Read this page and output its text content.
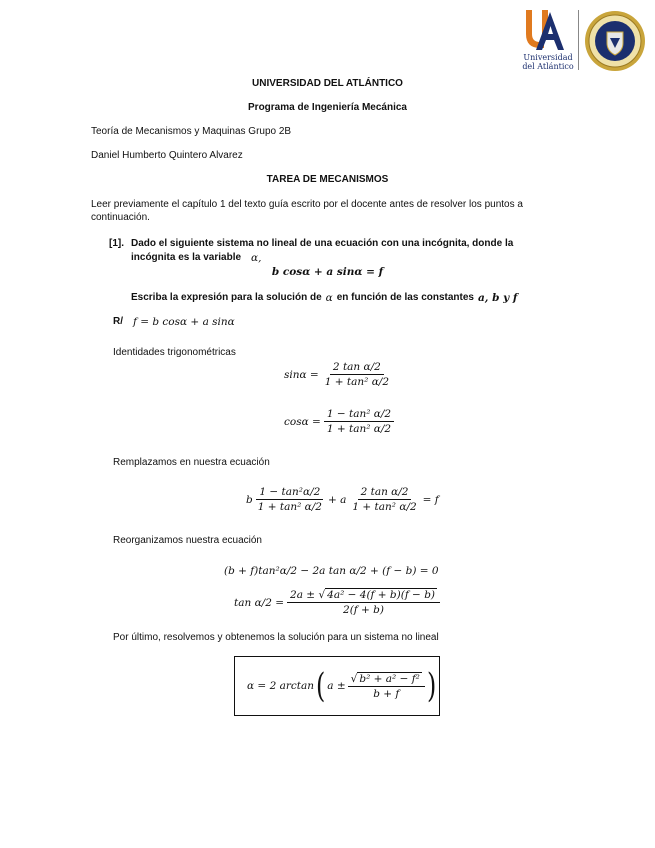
Universidad
del Atlántico
UNIVERSIDAD DEL ATLÁNTICO
Programa de Ingeniería Mecánica
Teoría de Mecanismos y Maquinas Grupo 2B
Daniel Humberto Quintero Alvarez
TAREA DE MECANISMOS
Leer previamente el capítulo 1 del texto guía escrito por el docente antes de resolver los puntos a
continuación.
[1]. Dado el siguiente sistema no lineal de una ecuación con una incógnita, donde la
incógnita es la variable α,
b cosα + a sinα = f
Escriba la expresión para la solución de α en función de las constantes a, b y f
R/ f = b cosα + a sinα
Identidades trigonométricas
$\sin\alpha = \frac{\text{2 tan α/2}}{\text{1 + tan² α/2}}$
$\cos\alpha = \frac{\text{1 − tan² α/2}}{\text{1 + tan² α/2}}$
Remplazamos en nuestra ecuación
b $\frac{\text{1 − tan²α/2}}{\text{1 + tan² α/2}} + a \frac{\text{2 tan α/2}}{\text{1 + tan² α/2}} = f$
Reorganizamos nuestra ecuación
(b + f)tan²α/2 − 2a tan α/2 + (f − b) = 0
$\tan \alpha/2 = \frac{\text{2a ± √ 4a² − 4(f + b)(f − b)}}{2(f + b)}$
Por último, resolvemos y obtenemos la solución para un sistema no lineal
α = 2 arctan ( $a \pm \frac{\text{√ b² + a² − f²}}{b + f}$ )
